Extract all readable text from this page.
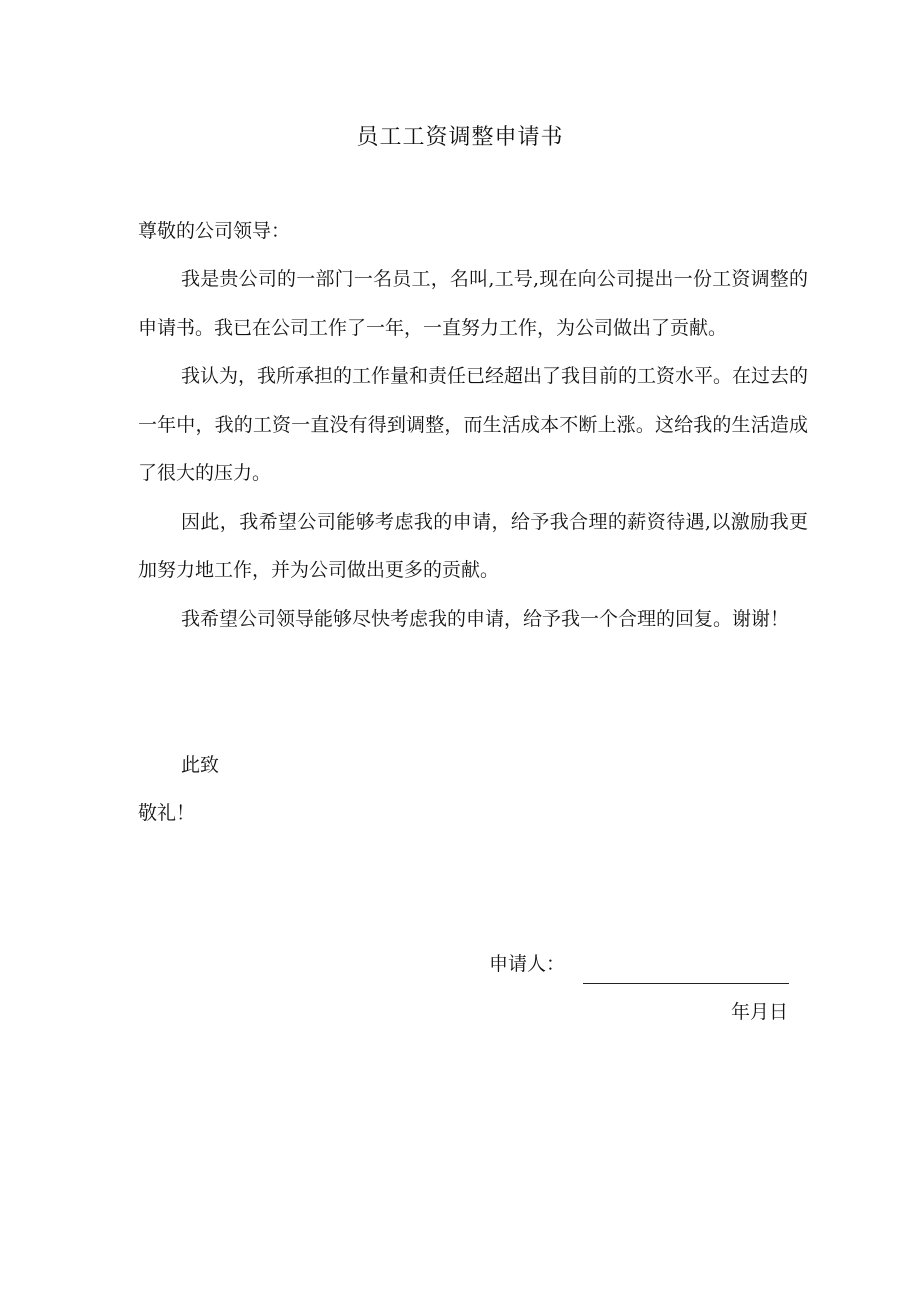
员工工资调整申请书
尊敬的公司领导：

我是贵公司的一部门一名员工，名叫,工号,现在向公司提出一份工资调整的申请书。我已在公司工作了一年，一直努力工作，为公司做出了贡献。

我认为，我所承担的工作量和责任已经超出了我目前的工资水平。在过去的一年中，我的工资一直没有得到调整，而生活成本不断上涨。这给我的生活造成了很大的压力。

因此，我希望公司能够考虑我的申请，给予我合理的薪资待遇,以激励我更加努力地工作，并为公司做出更多的贡献。

我希望公司领导能够尽快考虑我的申请，给予我一个合理的回复。谢谢！

此致
敬礼！
申请人：
年月日
